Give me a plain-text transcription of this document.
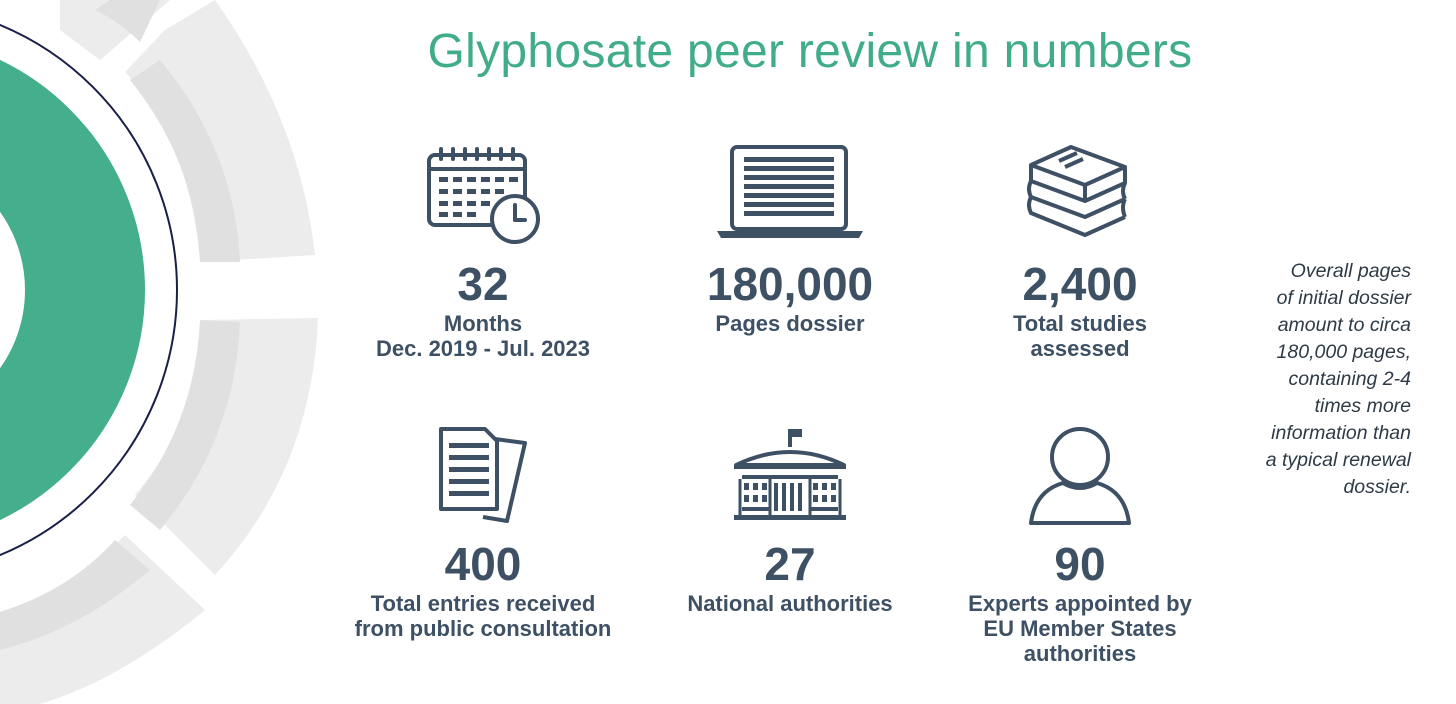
Glyphosate peer review in numbers
32
Months
Dec. 2019 - Jul. 2023
180,000
Pages dossier
2,400
Total studies
assessed
400
Total entries received
from public consultation
27
National authorities
90
Experts appointed by
EU Member States
authorities
Overall pages
of initial dossier
amount to circa
180,000 pages,
containing 2-4
times more
information than
a typical renewal
dossier.
